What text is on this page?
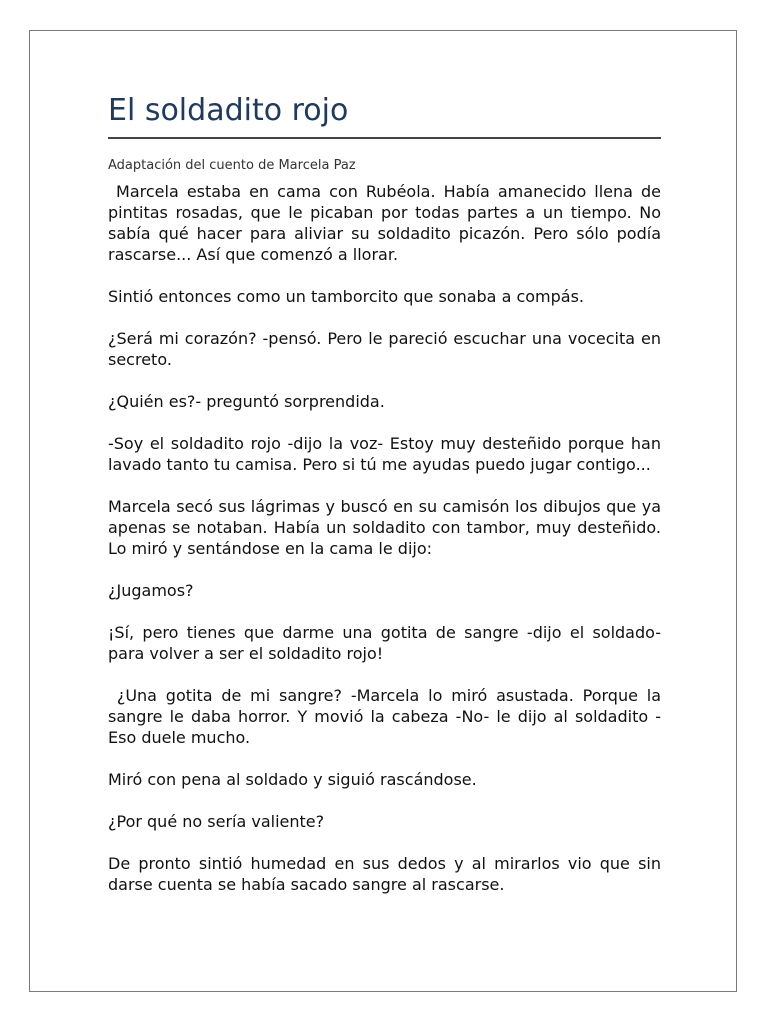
El soldadito rojo

Adaptación del cuento de Marcela Paz

Marcela estaba en cama con Rubéola. Había amanecido llena de pintitas rosadas, que le picaban por todas partes a un tiempo. No sabía qué hacer para aliviar su soldadito picazón. Pero sólo podía rascarse... Así que comenzó a llorar.

Sintió entonces como un tamborcito que sonaba a compás.

¿Será mi corazón? -pensó. Pero le pareció escuchar una vocecita en secreto.

¿Quién es?- preguntó sorprendida.

-Soy el soldadito rojo -dijo la voz- Estoy muy desteñido porque han lavado tanto tu camisa. Pero si tú me ayudas puedo jugar contigo...

Marcela secó sus lágrimas y buscó en su camisón los dibujos que ya apenas se notaban. Había un soldadito con tambor, muy desteñido. Lo miró y sentándose en la cama le dijo:

¿Jugamos?

¡Sí, pero tienes que darme una gotita de sangre -dijo el soldado- para volver a ser el soldadito rojo!

¿Una gotita de mi sangre? -Marcela lo miró asustada. Porque la sangre le daba horror. Y movió la cabeza -No- le dijo al soldadito -Eso duele mucho.

Miró con pena al soldado y siguió rascándose.

¿Por qué no sería valiente?

De pronto sintió humedad en sus dedos y al mirarlos vio que sin darse cuenta se había sacado sangre al rascarse.
